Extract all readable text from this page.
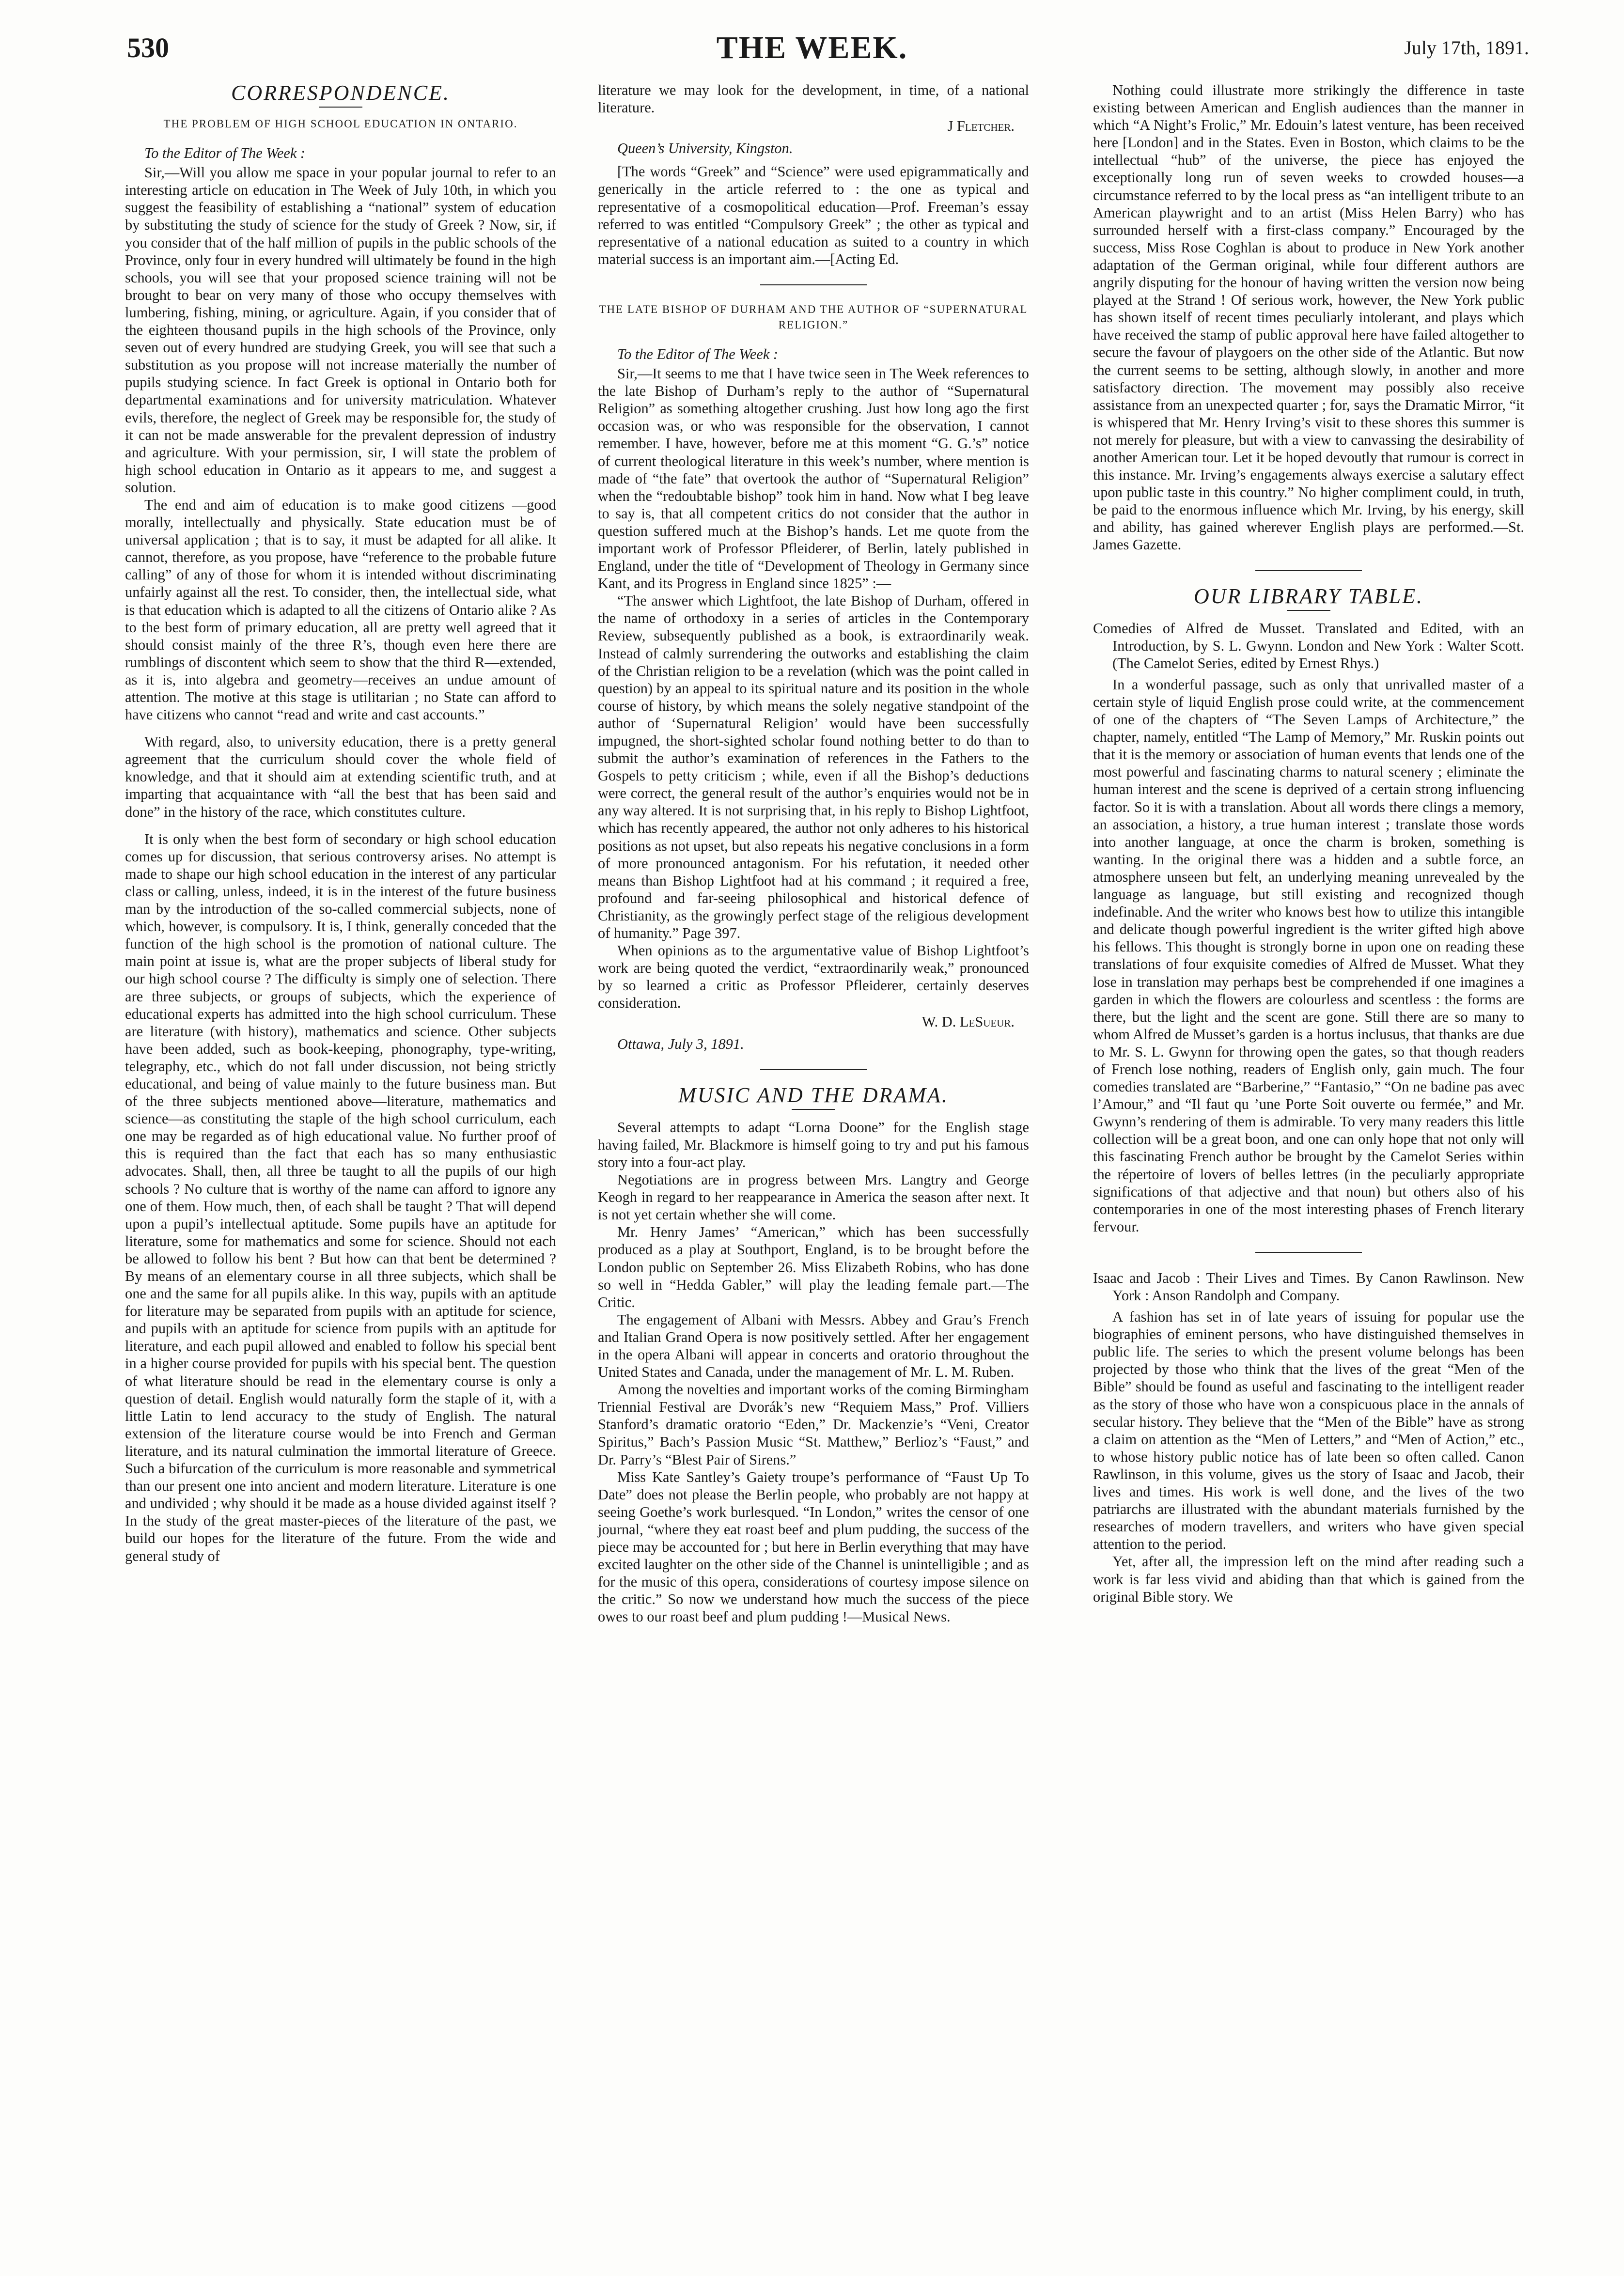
530	THE WEEK.	July 17th, 1891.
CORRESPONDENCE.
THE PROBLEM OF HIGH SCHOOL EDUCATION IN ONTARIO.
To the Editor of The Week :

Sir,—Will you allow me space in your popular journal to refer to an interesting article on education in The Week of July 10th, in which you suggest the feasibility of establishing a “national” system of education by substituting the study of science for the study of Greek ? Now, sir, if you consider that of the half million of pupils in the public schools of the Province, only four in every hundred will ultimately be found in the high schools, you will see that your proposed science training will not be brought to bear on very many of those who occupy themselves with lumbering, fishing, mining, or agriculture. Again, if you consider that of the eighteen thousand pupils in the high schools of the Province, only seven out of every hundred are studying Greek, you will see that such a substitution as you propose will not increase materially the number of pupils studying science. In fact Greek is optional in Ontario both for departmental examinations and for university matriculation. Whatever evils, therefore, the neglect of Greek may be responsible for, the study of it can not be made answerable for the prevalent depression of industry and agriculture. With your permission, sir, I will state the problem of high school education in Ontario as it appears to me, and suggest a solution.

The end and aim of education is to make good citizens —good morally, intellectually and physically. State education must be of universal application ; that is to say, it must be adapted for all alike. It cannot, therefore, as you propose, have “reference to the probable future calling” of any of those for whom it is intended without discriminating unfairly against all the rest. To consider, then, the intellectual side, what is that education which is adapted to all the citizens of Ontario alike ? As to the best form of primary education, all are pretty well agreed that it should consist mainly of the three R’s, though even here there are rumblings of discontent which seem to show that the third R—extended, as it is, into algebra and geometry—receives an undue amount of attention. The motive at this stage is utilitarian ; no State can afford to have citizens who cannot “read and write and cast accounts.”

With regard, also, to university education, there is a pretty general agreement that the curriculum should cover the whole field of knowledge, and that it should aim at extending scientific truth, and at imparting that acquaintance with “all the best that has been said and done” in the history of the race, which constitutes culture.

It is only when the best form of secondary or high school education comes up for discussion, that serious controversy arises. No attempt is made to shape our high school education in the interest of any particular class or calling, unless, indeed, it is in the interest of the future business man by the introduction of the so-called commercial subjects, none of which, however, is compulsory. It is, I think, generally conceded that the function of the high school is the promotion of national culture. The main point at issue is, what are the proper subjects of liberal study for our high school course ? The difficulty is simply one of selection. There are three subjects, or groups of subjects, which the experience of educational experts has admitted into the high school curriculum. These are literature (with history), mathematics and science. Other subjects have been added, such as book-keeping, phonography, type-writing, telegraphy, etc., which do not fall under discussion, not being strictly educational, and being of value mainly to the future business man. But of the three subjects mentioned above—literature, mathematics and science—as constituting the staple of the high school curriculum, each one may be regarded as of high educational value. No further proof of this is required than the fact that each has so many enthusiastic advocates. Shall, then, all three be taught to all the pupils of our high schools ? No culture that is worthy of the name can afford to ignore any one of them. How much, then, of each shall be taught ? That will depend upon a pupil’s intellectual aptitude. Some pupils have an aptitude for literature, some for mathematics and some for science. Should not each be allowed to follow his bent ? But how can that bent be determined ? By means of an elementary course in all three subjects, which shall be one and the same for all pupils alike. In this way, pupils with an aptitude for literature may be separated from pupils with an aptitude for science, and pupils with an aptitude for science from pupils with an aptitude for literature, and each pupil allowed and enabled to follow his special bent in a higher course provided for pupils with his special bent. The question of what literature should be read in the elementary course is only a question of detail. English would naturally form the staple of it, with a little Latin to lend accuracy to the study of English. The natural extension of the literature course would be into French and German literature, and its natural culmination the immortal literature of Greece. Such a bifurcation of the curriculum is more reasonable and symmetrical than our present one into ancient and modern literature. Literature is one and undivided ; why should it be made as a house divided against itself ? In the study of the great master-pieces of the literature of the past, we build our hopes for the literature of the future. From the wide and general study of

literature we may look for the development, in time, of a national literature.

J Fletcher.
Queen’s University, Kingston.

[The words “Greek” and “Science” were used epigrammatically and generically in the article referred to : the one as typical and representative of a cosmopolitical education—Prof. Freeman’s essay referred to was entitled “Compulsory Greek” ; the other as typical and representative of a national education as suited to a country in which material success is an important aim.—[Acting Ed.

THE LATE BISHOP OF DURHAM AND THE AUTHOR OF “SUPERNATURAL RELIGION.”
To the Editor of The Week :

Sir,—It seems to me that I have twice seen in The Week references to the late Bishop of Durham’s reply to the author of “Supernatural Religion” as something altogether crushing. Just how long ago the first occasion was, or who was responsible for the observation, I cannot remember. I have, however, before me at this moment “G. G.’s” notice of current theological literature in this week’s number, where mention is made of “the fate” that overtook the author of “Supernatural Religion” when the “redoubtable bishop” took him in hand. Now what I beg leave to say is, that all competent critics do not consider that the author in question suffered much at the Bishop’s hands. Let me quote from the important work of Professor Pfleiderer, of Berlin, lately published in England, under the title of “Development of Theology in Germany since Kant, and its Progress in England since 1825” :—

“The answer which Lightfoot, the late Bishop of Durham, offered in the name of orthodoxy in a series of articles in the Contemporary Review, subsequently published as a book, is extraordinarily weak. Instead of calmly surrendering the outworks and establishing the claim of the Christian religion to be a revelation (which was the point called in question) by an appeal to its spiritual nature and its position in the whole course of history, by which means the solely negative standpoint of the author of ‘Supernatural Religion’ would have been successfully impugned, the short-sighted scholar found nothing better to do than to submit the author’s examination of references in the Fathers to the Gospels to petty criticism ; while, even if all the Bishop’s deductions were correct, the general result of the author’s enquiries would not be in any way altered. It is not surprising that, in his reply to Bishop Lightfoot, which has recently appeared, the author not only adheres to his historical positions as not upset, but also repeats his negative conclusions in a form of more pronounced antagonism. For his refutation, it needed other means than Bishop Lightfoot had at his command ; it required a free, profound and far-seeing philosophical and historical defence of Christianity, as the growingly perfect stage of the religious development of humanity.” Page 397.

When opinions as to the argumentative value of Bishop Lightfoot’s work are being quoted the verdict, “extraordinarily weak,” pronounced by so learned a critic as Professor Pfleiderer, certainly deserves consideration.

W. D. LeSueur.
Ottawa, July 3, 1891.
MUSIC AND THE DRAMA.

Several attempts to adapt “Lorna Doone” for the English stage having failed, Mr. Blackmore is himself going to try and put his famous story into a four-act play.

Negotiations are in progress between Mrs. Langtry and George Keogh in regard to her reappearance in America the season after next. It is not yet certain whether she will come.

Mr. Henry James’ “American,” which has been successfully produced as a play at Southport, England, is to be brought before the London public on September 26. Miss Elizabeth Robins, who has done so well in “Hedda Gabler,” will play the leading female part.—The Critic.

The engagement of Albani with Messrs. Abbey and Grau’s French and Italian Grand Opera is now positively settled. After her engagement in the opera Albani will appear in concerts and oratorio throughout the United States and Canada, under the management of Mr. L. M. Ruben.

Among the novelties and important works of the coming Birmingham Triennial Festival are Dvorák’s new “Requiem Mass,” Prof. Villiers Stanford’s dramatic oratorio “Eden,” Dr. Mackenzie’s “Veni, Creator Spiritus,” Bach’s Passion Music “St. Matthew,” Berlioz’s “Faust,” and Dr. Parry’s “Blest Pair of Sirens.”

Miss Kate Santley’s Gaiety troupe’s performance of “Faust Up To Date” does not please the Berlin people, who probably are not happy at seeing Goethe’s work burlesqued. “In London,” writes the censor of one journal, “where they eat roast beef and plum pudding, the success of the piece may be accounted for ; but here in Berlin everything that may have excited laughter on the other side of the Channel is unintelligible ; and as for the music of this opera, considerations of courtesy impose silence on the critic.” So now we understand how much the success of the piece owes to our roast beef and plum pudding !—Musical News.

Nothing could illustrate more strikingly the difference in taste existing between American and English audiences than the manner in which “A Night’s Frolic,” Mr. Edouin’s latest venture, has been received here [London] and in the States. Even in Boston, which claims to be the intellectual “hub” of the universe, the piece has enjoyed the exceptionally long run of seven weeks to crowded houses—a circumstance referred to by the local press as “an intelligent tribute to an American playwright and to an artist (Miss Helen Barry) who has surrounded herself with a first-class company.” Encouraged by the success, Miss Rose Coghlan is about to produce in New York another adaptation of the German original, while four different authors are angrily disputing for the honour of having written the version now being played at the Strand ! Of serious work, however, the New York public has shown itself of recent times peculiarly intolerant, and plays which have received the stamp of public approval here have failed altogether to secure the favour of playgoers on the other side of the Atlantic. But now the current seems to be setting, although slowly, in another and more satisfactory direction. The movement may possibly also receive assistance from an unexpected quarter ; for, says the Dramatic Mirror, “it is whispered that Mr. Henry Irving’s visit to these shores this summer is not merely for pleasure, but with a view to canvassing the desirability of another American tour. Let it be hoped devoutly that rumour is correct in this instance. Mr. Irving’s engagements always exercise a salutary effect upon public taste in this country.” No higher compliment could, in truth, be paid to the enormous influence which Mr. Irving, by his energy, skill and ability, has gained wherever English plays are performed.—St. James Gazette.

OUR LIBRARY TABLE.

Comedies of Alfred de Musset. Translated and Edited, with an Introduction, by S. L. Gwynn. London and New York : Walter Scott. (The Camelot Series, edited by Ernest Rhys.)

In a wonderful passage, such as only that unrivalled master of a certain style of liquid English prose could write, at the commencement of one of the chapters of “The Seven Lamps of Architecture,” the chapter, namely, entitled “The Lamp of Memory,” Mr. Ruskin points out that it is the memory or association of human events that lends one of the most powerful and fascinating charms to natural scenery ; eliminate the human interest and the scene is deprived of a certain strong influencing factor. So it is with a translation. About all words there clings a memory, an association, a history, a true human interest ; translate those words into another language, at once the charm is broken, something is wanting. In the original there was a hidden and a subtle force, an atmosphere unseen but felt, an underlying meaning unrevealed by the language as language, but still existing and recognized though indefinable. And the writer who knows best how to utilize this intangible and delicate though powerful ingredient is the writer gifted high above his fellows. This thought is strongly borne in upon one on reading these translations of four exquisite comedies of Alfred de Musset. What they lose in translation may perhaps best be comprehended if one imagines a garden in which the flowers are colourless and scentless : the forms are there, but the light and the scent are gone. Still there are so many to whom Alfred de Musset’s garden is a hortus inclusus, that thanks are due to Mr. S. L. Gwynn for throwing open the gates, so that though readers of French lose nothing, readers of English only, gain much. The four comedies translated are “Barberine,” “Fantasio,” “On ne badine pas avec l’Amour,” and “Il faut qu ’une Porte Soit ouverte ou fermée,” and Mr. Gwynn’s rendering of them is admirable. To very many readers this little collection will be a great boon, and one can only hope that not only will this fascinating French author be brought by the Camelot Series within the répertoire of lovers of belles lettres (in the peculiarly appropriate significations of that adjective and that noun) but others also of his contemporaries in one of the most interesting phases of French literary fervour.

Isaac and Jacob : Their Lives and Times. By Canon Rawlinson. New York : Anson Randolph and Company.

A fashion has set in of late years of issuing for popular use the biographies of eminent persons, who have distinguished themselves in public life. The series to which the present volume belongs has been projected by those who think that the lives of the great “Men of the Bible” should be found as useful and fascinating to the intelligent reader as the story of those who have won a conspicuous place in the annals of secular history. They believe that the “Men of the Bible” have as strong a claim on attention as the “Men of Letters,” and “Men of Action,” etc., to whose history public notice has of late been so often called. Canon Rawlinson, in this volume, gives us the story of Isaac and Jacob, their lives and times. His work is well done, and the lives of the two patriarchs are illustrated with the abundant materials furnished by the researches of modern travellers, and writers who have given special attention to the period.

Yet, after all, the impression left on the mind after reading such a work is far less vivid and abiding than that which is gained from the original Bible story. We
